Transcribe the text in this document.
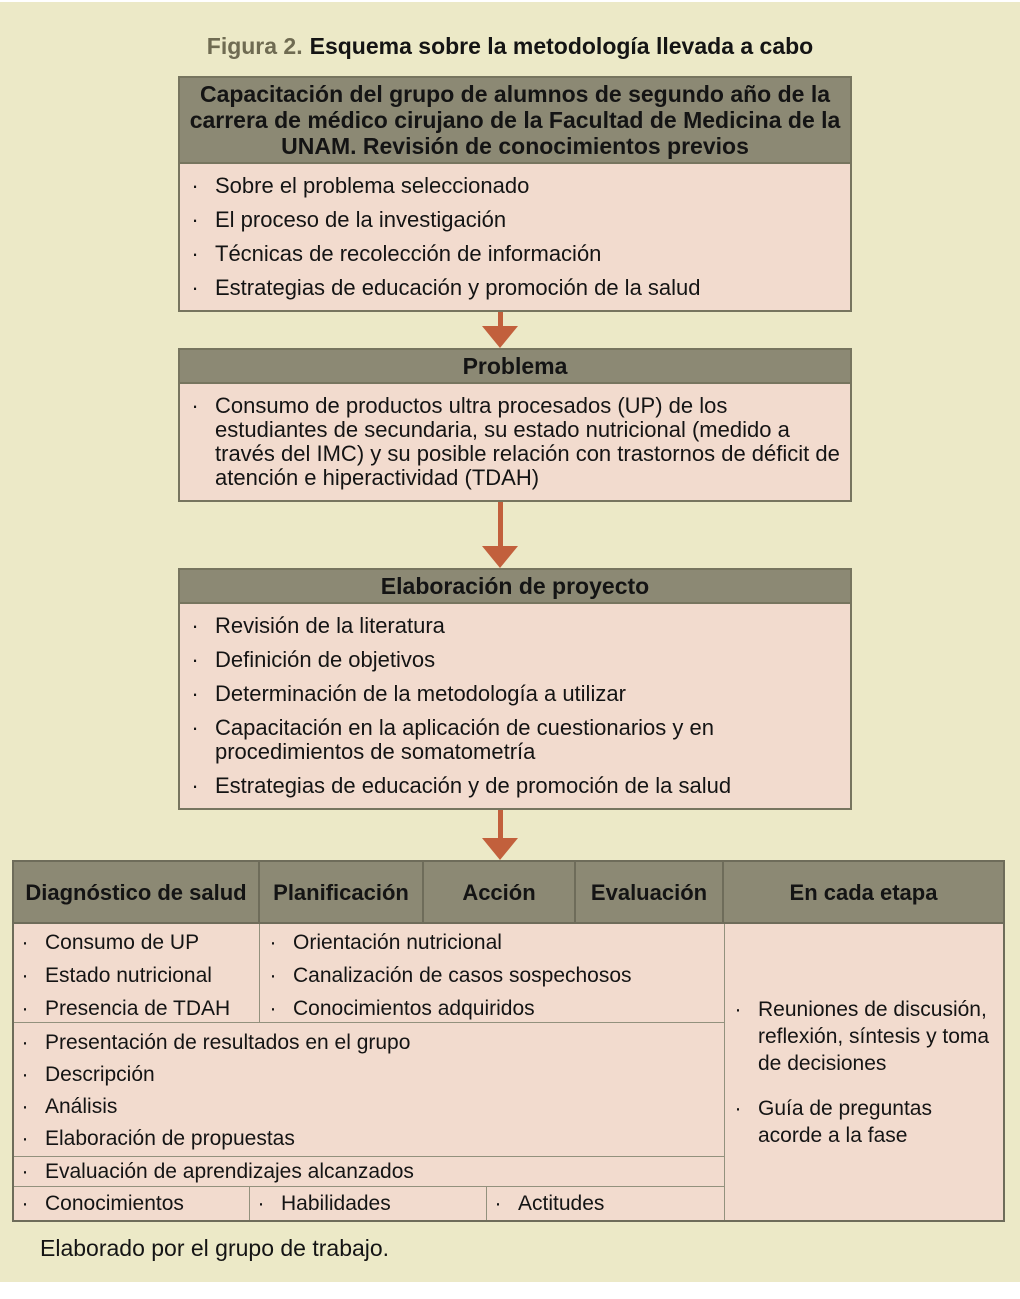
Figura 2. Esquema sobre la metodología llevada a cabo
Capacitación del grupo de alumnos de segundo año de la carrera de médico cirujano de la Facultad de Medicina de la UNAM. Revisión de conocimientos previos
· Sobre el problema seleccionado
· El proceso de la investigación
· Técnicas de recolección de información
· Estrategias de educación y promoción de la salud
Problema
· Consumo de productos ultra procesados (UP) de los estudiantes de secundaria, su estado nutricional (medido a través del IMC) y su posible relación con trastornos de déficit de atención e hiperactividad (TDAH)
Elaboración de proyecto
· Revisión de la literatura
· Definición de objetivos
· Determinación de la metodología a utilizar
· Capacitación en la aplicación de cuestionarios y en procedimientos de somatometría
· Estrategias de educación y de promoción de la salud
Diagnóstico de salud	Planificación	Acción	Evaluación	En cada etapa
· Consumo de UP
· Estado nutricional
· Presencia de TDAH
· Orientación nutricional
· Canalización de casos sospechosos
· Conocimientos adquiridos
· Presentación de resultados en el grupo
· Descripción
· Análisis
· Elaboración de propuestas
· Evaluación de aprendizajes alcanzados
· Conocimientos	· Habilidades	· Actitudes
· Reuniones de discusión, reflexión, síntesis y toma de decisiones
· Guía de preguntas acorde a la fase
Elaborado por el grupo de trabajo.
